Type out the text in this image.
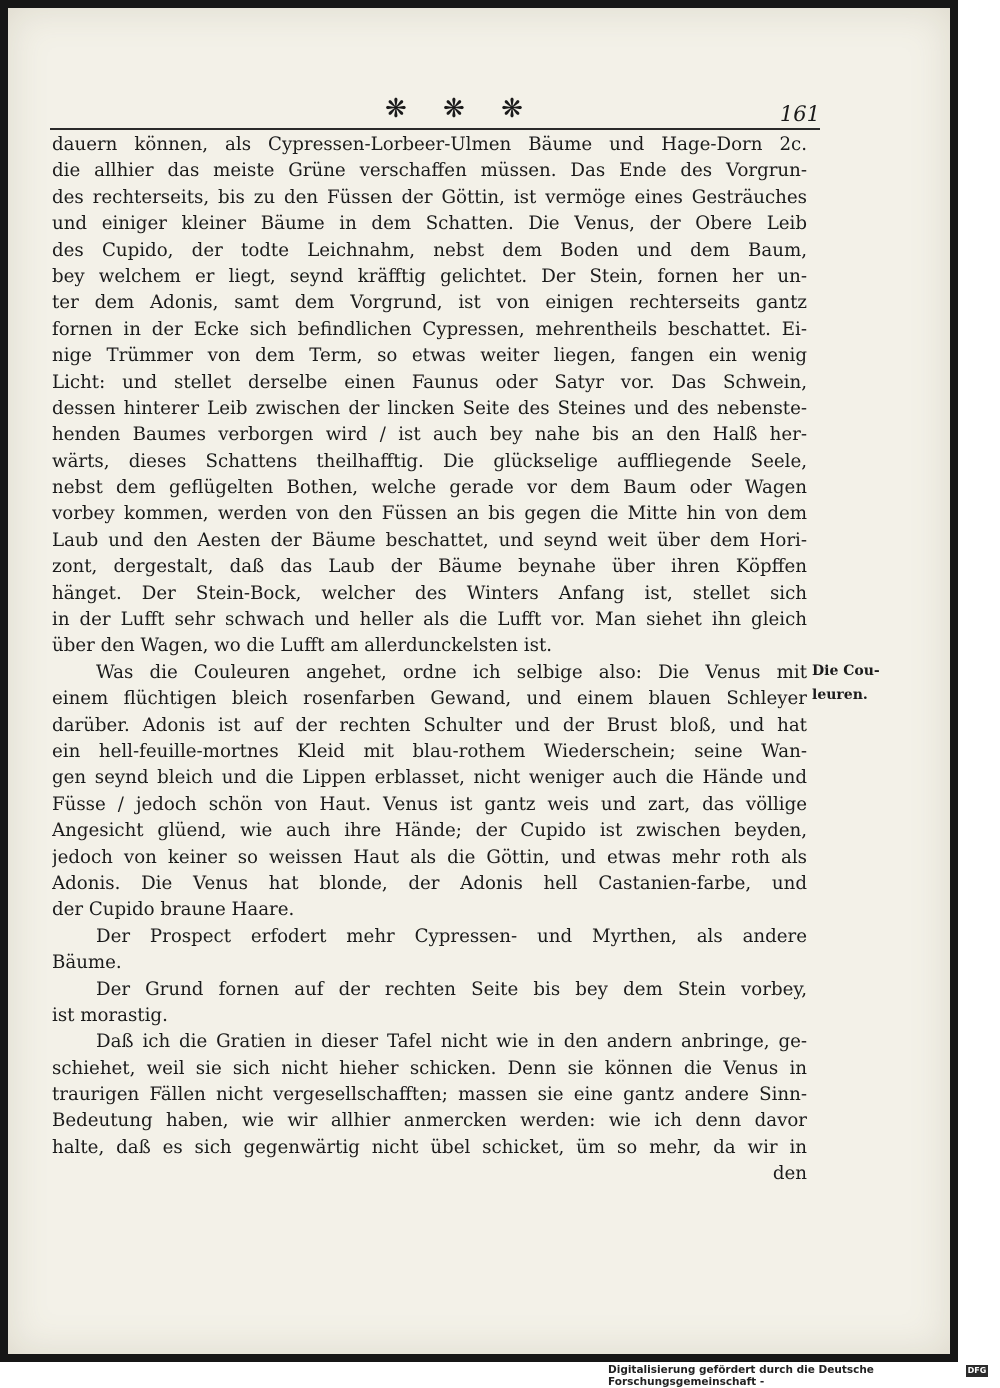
❋ ❋ ❋	161
dauern können, als Cypressen-Lorbeer-Ulmen Bäume und Hage-Dorn 2c.
die allhier das meiste Grüne verschaffen müssen. Das Ende des Vorgrun-
des rechterseits, bis zu den Füssen der Göttin, ist vermöge eines Gesträuches
und einiger kleiner Bäume in dem Schatten. Die Venus, der Obere Leib
des Cupido, der todte Leichnahm, nebst dem Boden und dem Baum,
bey welchem er liegt, seynd kräfftig gelichtet. Der Stein, fornen her un-
ter dem Adonis, samt dem Vorgrund, ist von einigen rechterseits gantz
fornen in der Ecke sich befindlichen Cypressen, mehrentheils beschattet. Ei-
nige Trümmer von dem Term, so etwas weiter liegen, fangen ein wenig
Licht: und stellet derselbe einen Faunus oder Satyr vor. Das Schwein,
dessen hinterer Leib zwischen der lincken Seite des Steines und des nebenste-
henden Baumes verborgen wird / ist auch bey nahe bis an den Halß her-
wärts, dieses Schattens theilhafftig. Die glückselige auffliegende Seele,
nebst dem geflügelten Bothen, welche gerade vor dem Baum oder Wagen
vorbey kommen, werden von den Füssen an bis gegen die Mitte hin von dem
Laub und den Aesten der Bäume beschattet, und seynd weit über dem Hori-
zont, dergestalt, daß das Laub der Bäume beynahe über ihren Köpffen
hänget. Der Stein-Bock, welcher des Winters Anfang ist, stellet sich
in der Lufft sehr schwach und heller als die Lufft vor. Man siehet ihn gleich
über den Wagen, wo die Lufft am allerdunckelsten ist.
Was die Couleuren angehet, ordne ich selbige also: Die Venus mit
einem flüchtigen bleich rosenfarben Gewand, und einem blauen Schleyer
darüber. Adonis ist auf der rechten Schulter und der Brust bloß, und hat
ein hell-feuille-mortnes Kleid mit blau-rothem Wiederschein; seine Wan-
gen seynd bleich und die Lippen erblasset, nicht weniger auch die Hände und
Füsse / jedoch schön von Haut. Venus ist gantz weis und zart, das völlige
Angesicht glüend, wie auch ihre Hände; der Cupido ist zwischen beyden,
jedoch von keiner so weissen Haut als die Göttin, und etwas mehr roth als
Adonis. Die Venus hat blonde, der Adonis hell Castanien-farbe, und
der Cupido braune Haare.
Der Prospect erfodert mehr Cypressen- und Myrthen, als andere
Bäume.
Der Grund fornen auf der rechten Seite bis bey dem Stein vorbey,
ist morastig.
Daß ich die Gratien in dieser Tafel nicht wie in den andern anbringe, ge-
schiehet, weil sie sich nicht hieher schicken. Denn sie können die Venus in
traurigen Fällen nicht vergesellschafften; massen sie eine gantz andere Sinn-
Bedeutung haben, wie wir allhier anmercken werden: wie ich denn davor
halte, daß es sich gegenwärtig nicht übel schicket, üm so mehr, da wir in
den
Die Cou-
leuren.
Digitalisierung gefördert durch die Deutsche Forschungsgemeinschaft -
DFG
